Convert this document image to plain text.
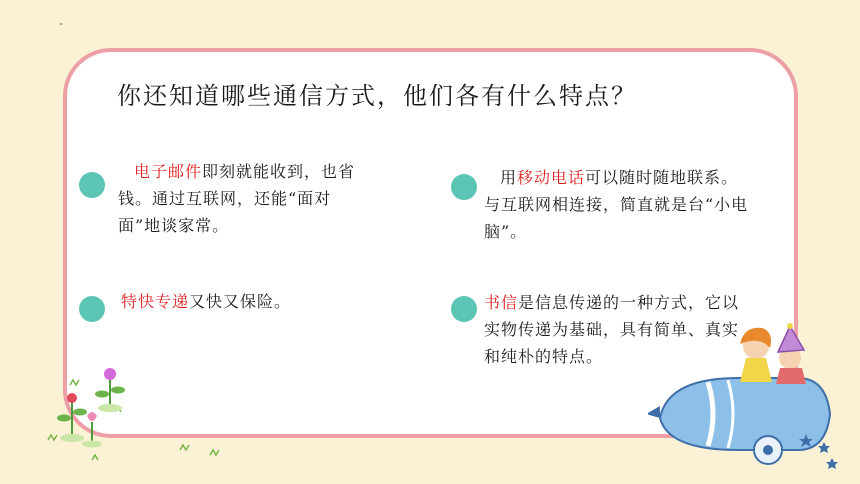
你还知道哪些通信方式，他们各有什么特点？
电子邮件即刻就能收到，也省钱。通过互联网，还能“面对面”地谈家常。
用移动电话可以随时随地联系。与互联网相连接，简直就是台“小电脑”。
特快专递又快又保险。	书信是信息传递的一种方式，它以实物传递为基础，具有简单、真实和纯朴的特点。
